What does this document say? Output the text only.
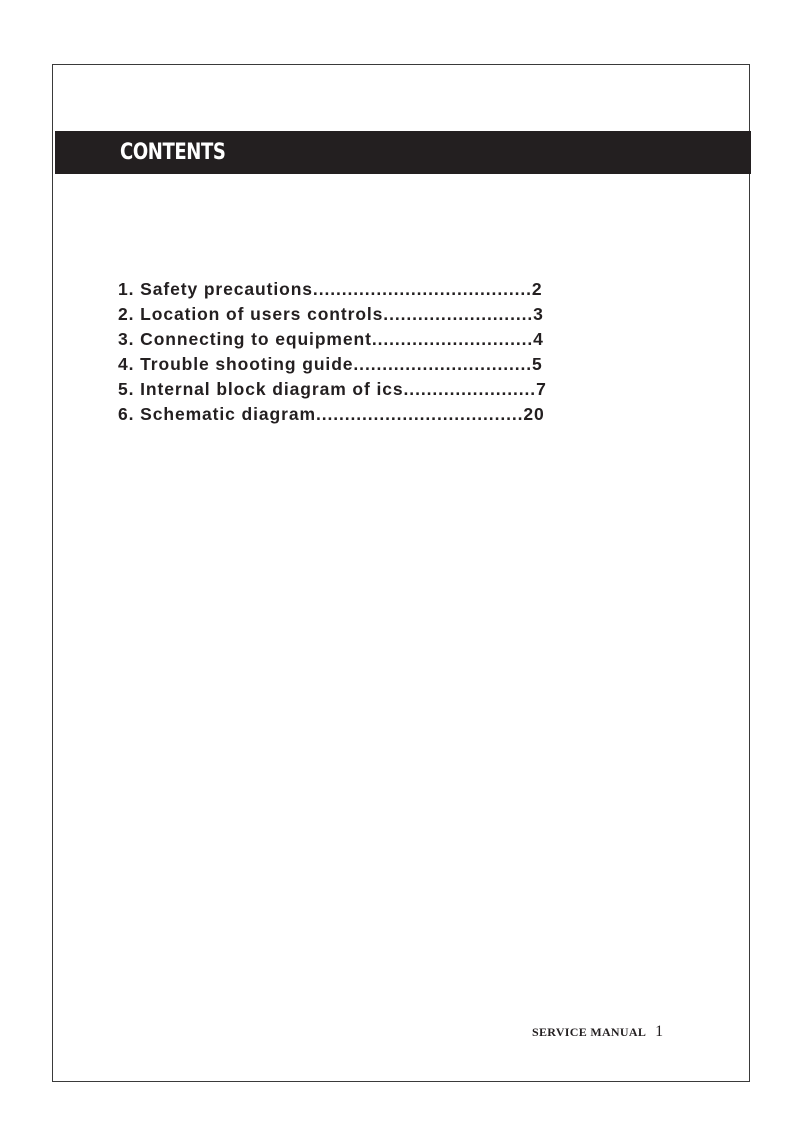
CONTENTS
1. Safety precautions......................................2
2. Location of users controls..........................3
3. Connecting to equipment............................4
4. Trouble shooting guide...............................5
5. Internal block diagram of ics.......................7
6. Schematic diagram....................................20
SERVICE MANUAL 1
